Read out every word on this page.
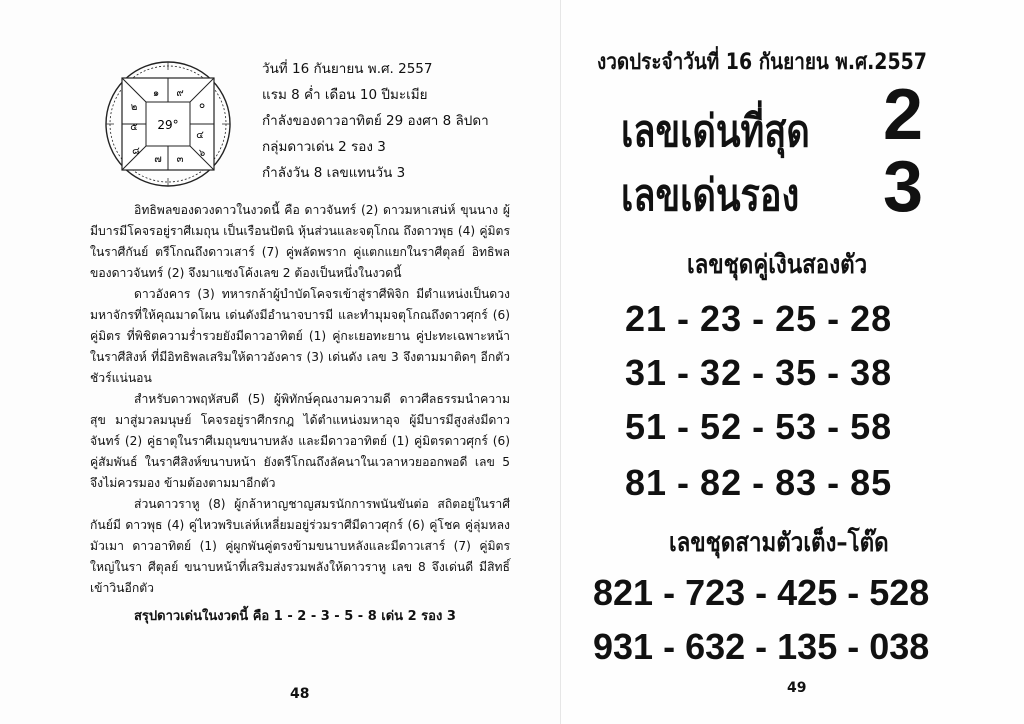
29°
๑ ๙
๐
๒
๕
๔
๗ ๓
๘	๖
วันที่ 16 กันยายน พ.ศ. 2557
แรม 8 ค่ำ เดือน 10 ปีมะเมีย
กำลังของดาวอาทิตย์ 29 องศา 8 ลิปดา
กลุ่มดาวเด่น 2 รอง 3
กำลังวัน 8 เลขแทนวัน 3

อิทธิพลของดวงดาวในงวดนี้ คือ ดาวจันทร์ (2) ดาวมหาเสน่ห์ ขุนนาง ผู้มีบารมีโคจรอยู่ราศีเมถุน เป็นเรือนปัตนิ หุ้นส่วนและจตุโกณ ถึงดาวพุธ (4) คู่มิตรในราศีกันย์ ตรีโกณถึงดาวเสาร์ (7) คู่พลัดพราก คู่แตกแยกในราศีตุลย์ อิทธิพลของดาวจันทร์ (2) จึงมาแซงโค้งเลข 2 ต้องเป็นหนึ่งในงวดนี้

ดาวอังคาร (3) ทหารกล้าผู้บำบัดโคจรเข้าสู่ราศีพิจิก มีตำแหน่งเป็นดวง มหาจักรที่ให้คุณมาดโผน เด่นดังมีอำนาจบารมี และทำมุมจตุโกณถึงดาวศุกร์ (6) คู่มิตร ที่พิชิตความร่ำรวยยังมีดาวอาทิตย์ (1) คู่กะเยอทะยาน คู่ปะทะเฉพาะหน้า ในราศีสิงห์ ที่มีอิทธิพลเสริมให้ดาวอังคาร (3) เด่นดัง เลข 3 จึงตามมาติดๆ อีกตัว ชัวร์แน่นอน

สำหรับดาวพฤหัสบดี (5) ผู้พิทักษ์คุณงามความดี ดาวศีลธรรมนำความสุข มาสู่มวลมนุษย์ โคจรอยู่ราศีกรกฎ ได้ตำแหน่งมหาอุจ ผู้มีบารมีสูงส่งมีดาวจันทร์ (2) คู่ธาตุในราศีเมถุนขนาบหลัง และมีดาวอาทิตย์ (1) คู่มิตรดาวศุกร์ (6) คู่สัมพันธ์ ในราศีสิงห์ขนาบหน้า ยังตรีโกณถึงลัคนาในเวลาหวยออกพอดี เลข 5 จึงไม่ควรมอง ข้ามต้องตามมาอีกตัว

ส่วนดาวราหู (8) ผู้กล้าหาญชาญสมรนักการพนันขันต่อ สถิตอยู่ในราศีกันย์มี ดาวพุธ (4) คู่ไหวพริบเล่ห์เหลี่ยมอยู่ร่วมราศีมีดาวศุกร์ (6) คู่โชค คู่ลุ่มหลง มัวเมา ดาวอาทิตย์ (1) คู่ผูกพันคู่ตรงข้ามขนาบหลังและมีดาวเสาร์ (7) คู่มิตรใหญ่ในรา ศีตุลย์ ขนาบหน้าที่เสริมส่งรวมพลังให้ดาวราหู เลข 8 จึงเด่นดี มีสิทธิ์เข้าวินอีกตัว

สรุปดาวเด่นในงวดนี้ คือ 1 - 2 - 3 - 5 - 8 เด่น 2 รอง 3
48
งวดประจำวันที่ 16 กันยายน พ.ศ.2557
เลขเด่นที่สุด 2
เลขเด่นรอง 3
เลขชุดคู่เงินสองตัว
21 - 23 - 25 - 28
31 - 32 - 35 - 38
51 - 52 - 53 - 58
81 - 82 - 83 - 85
เลขชุดสามตัวเต็ง–โต๊ด
821 - 723 - 425 - 528
931 - 632 - 135 - 038
49
